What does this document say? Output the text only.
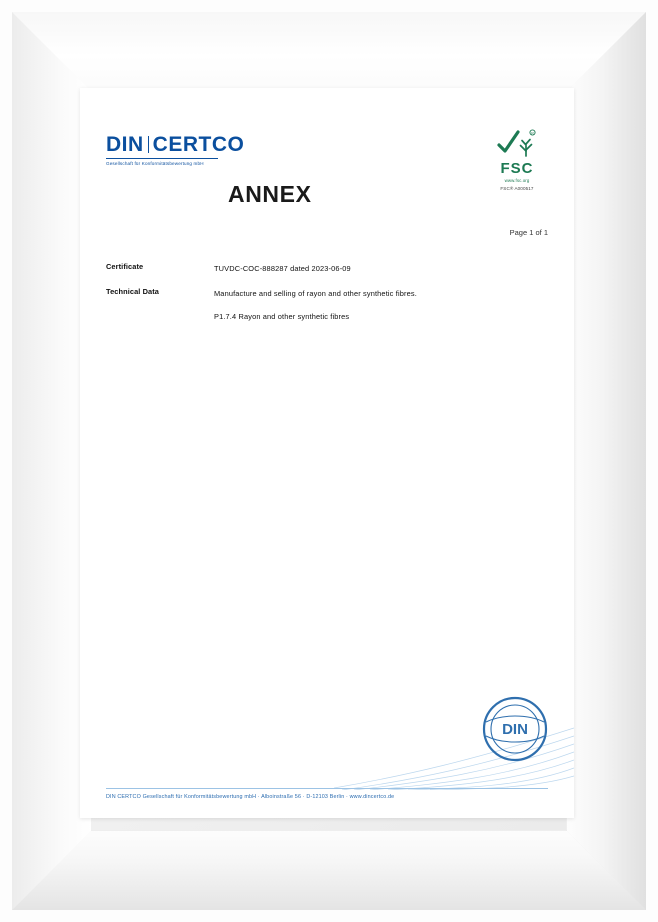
DIN CERTCO
Gesellschaft für Konformitätsbewertung mbH
R
FSC
www.fsc.org
FSC® A000517
ANNEX
Page 1 of 1
Certificate	TUVDC-COC-888287 dated 2023-06-09
Technical Data	Manufacture and selling of rayon and other synthetic fibres.
P1.7.4 Rayon and other synthetic fibres
DIN
DIN CERTCO Gesellschaft für Konformitätsbewertung mbH · Alboinstraße 56 · D-12103 Berlin · www.dincertco.de
